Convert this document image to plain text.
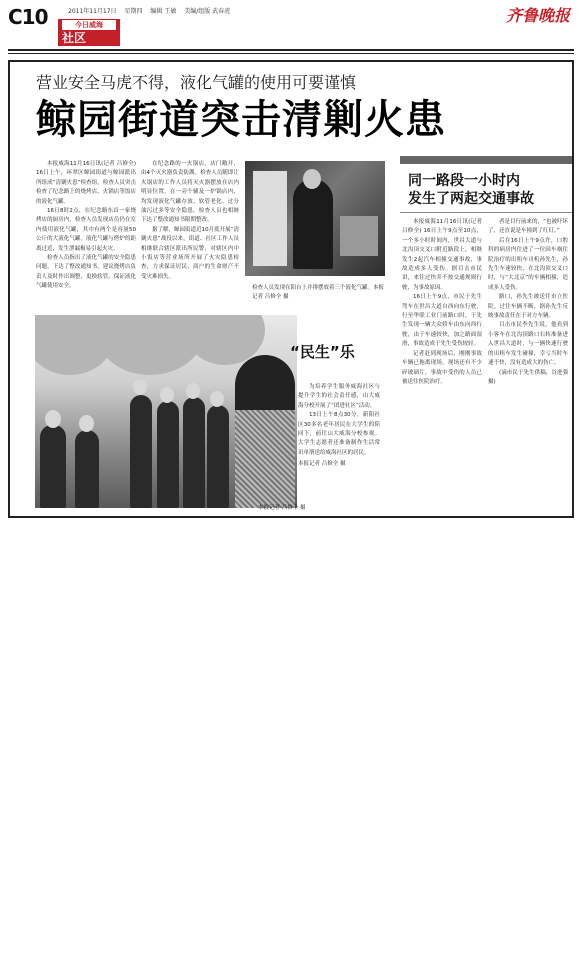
C10	2011年11月17日 星期四 编辑 王敏 美编/组版 武春虎
今日威海
社区
齐鲁晚报
营业安全马虎不得，液化气罐的使用可要谨慎
鲸园街道突击清剿火患

本报威海11月16日讯(记者 吕修全) 16日上午，环翠区鲸园街道与鲸园派出所组成“清剿火患”检查组，检查人员突击检查了纪念路上的烧烤店、火锅店等饭店的液化气罐。

16日8时2点，在纪念路东首一家烧烤店的厨房内，检查人员发现店员仍在室内使用液化气罐，其中有两个是容量50公斤的大液化气罐。液化气罐与烤炉的距离过近，发生泄漏极易引起火灾。

检查人员指出了液化气罐的安全隐患问题，下达了整改通知书，建议烧烤店负责人及时作出调整，更换软管，保证液化气罐使用安全。

在纪念路的一火锅店，店门敞开，由4个灭火器负责防護。检查人员随即让火锅店的工作人员将灭火器摆放在店内明显位置，在一旁个辅及一炉锅店内，均发现液化气罐存放、软管老化、过分油污过多等安全隐患，检查人员也相继下达了整改通知书限期整改。

据了解，鲸园街道近10月底开展“清剿火患”战役以来，街道、社区工作人员相继联合辖区派出所民警，对辖区内中小饭店等营业场所开展了火灾隐患检查，力求保证居民、商户的生命财产不受灾难损失。

检查人员发现在阳台上并排摆放着三个液化气罐。本报记者 吕修全 摄
“民生”乐

为培养学生服务威海社区与提升学生的社会责任感，山大威海分校开展了“团进社区”活动。

13日上午8点30分，新阳社区30多名老年居民在大学生的陪同下，前往山大威海分校参观。大学生志愿者还准备制作生活常识单册送给威海社区的居民。

本报记者 吕修全 摄

本报记者 吕修全 摄
同一路段一小时内
发生了两起交通事故

本报威海11月16日讯(记者 吕修全) 16日上午9点至10点，一个多小时时间内，世昌大道与北沟顶交叉口附近路段上，相继发生2起汽车相撞交通事故，事故造成多人受伤。据目击市民讲，来往过快并不按交通规则行驶，为事故原因。

16日上午9点，市民于先生驾车在世昌大道自西向东行驶，行至华联工业门前路口时，于先生发现一辆大众轿车由东向西行驶，由于车速较快，加之路面湿滑，事故造成于先生受伤较轻。

记者赶到现场后，刚刚事故车辆已拖离现场，现场还有不少碎玻璃片，事故中受伤的人员已被送往医院治疗。

者是目行前来的，“也被吓坏了，还直说是车撞到了红灯。”

后在16日上午9点许，口腔科的病房内住进了一位因车祸住院治疗的出租车司机孙先生，孙先生车速较快，在北沟顶交叉口时，与“大北京”的车辆相撞，造成多人受伤。

路口，孙先生被送往市立医院。过往车辆不断，据孙先生反映事故责任在于对方车辆。

目击市民李先生说，他看到小客车在北沟顶路口右转准备进入世昌大道时，与一辆快速行驶的出租车发生碰撞，幸亏当时车速不快，没有造成大的伤亡。

(滴市民于先生供稿，谷进强摄)
